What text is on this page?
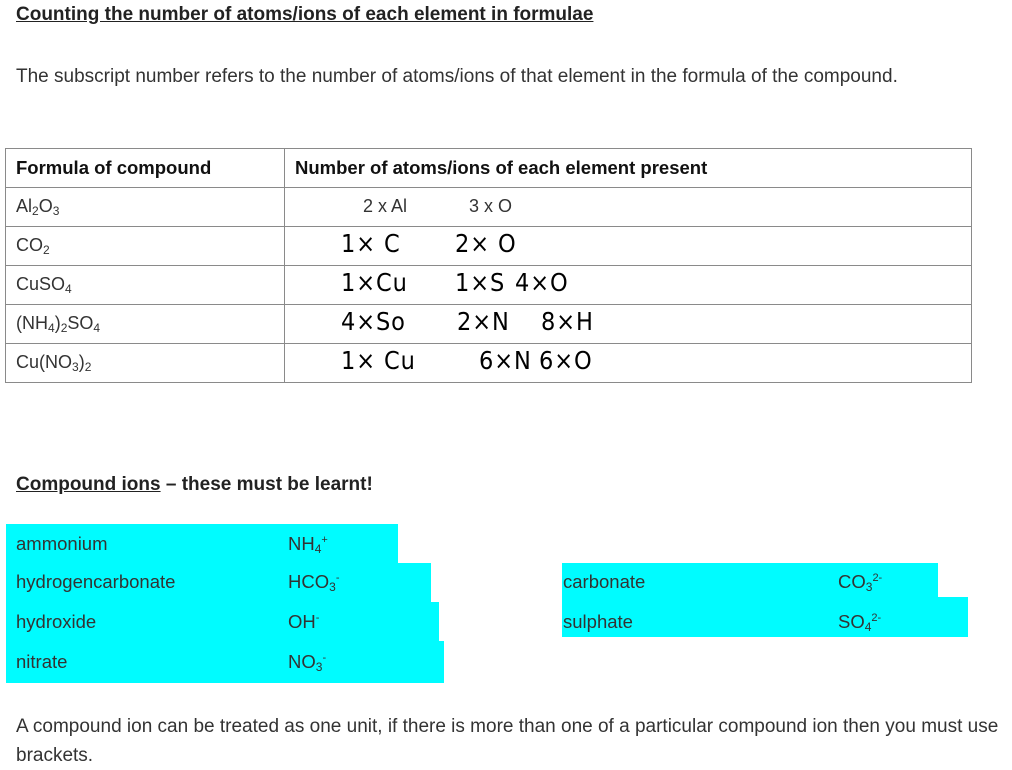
Counting the number of atoms/ions of each element in formulae
The subscript number refers to the number of atoms/ions of that element in the formula of the compound.
Formula of compound	Number of atoms/ions of each element present
$Al_2O_3$	2 x Al 3 x O

$CO_2$	1× C 2× O

CuSO$_4$	1×Cu 1×S 4×O

$(NH_4)_2SO_4$	4×So 2×N 8×H

$Cu(NO_3)_2$	1× Cu 6×N 6×O
Compound ions – these must be learnt!
ammonium	$NH_4^+$
hydrogencarbonate	$HCO_3^-$
hydroxide	OH-
nitrate	$NO_3^-$
carbonate	$CO_3^{2-}$
sulphate	$SO_4^{2-}$
A compound ion can be treated as one unit, if there is more than one of a particular compound ion then you must use brackets.
